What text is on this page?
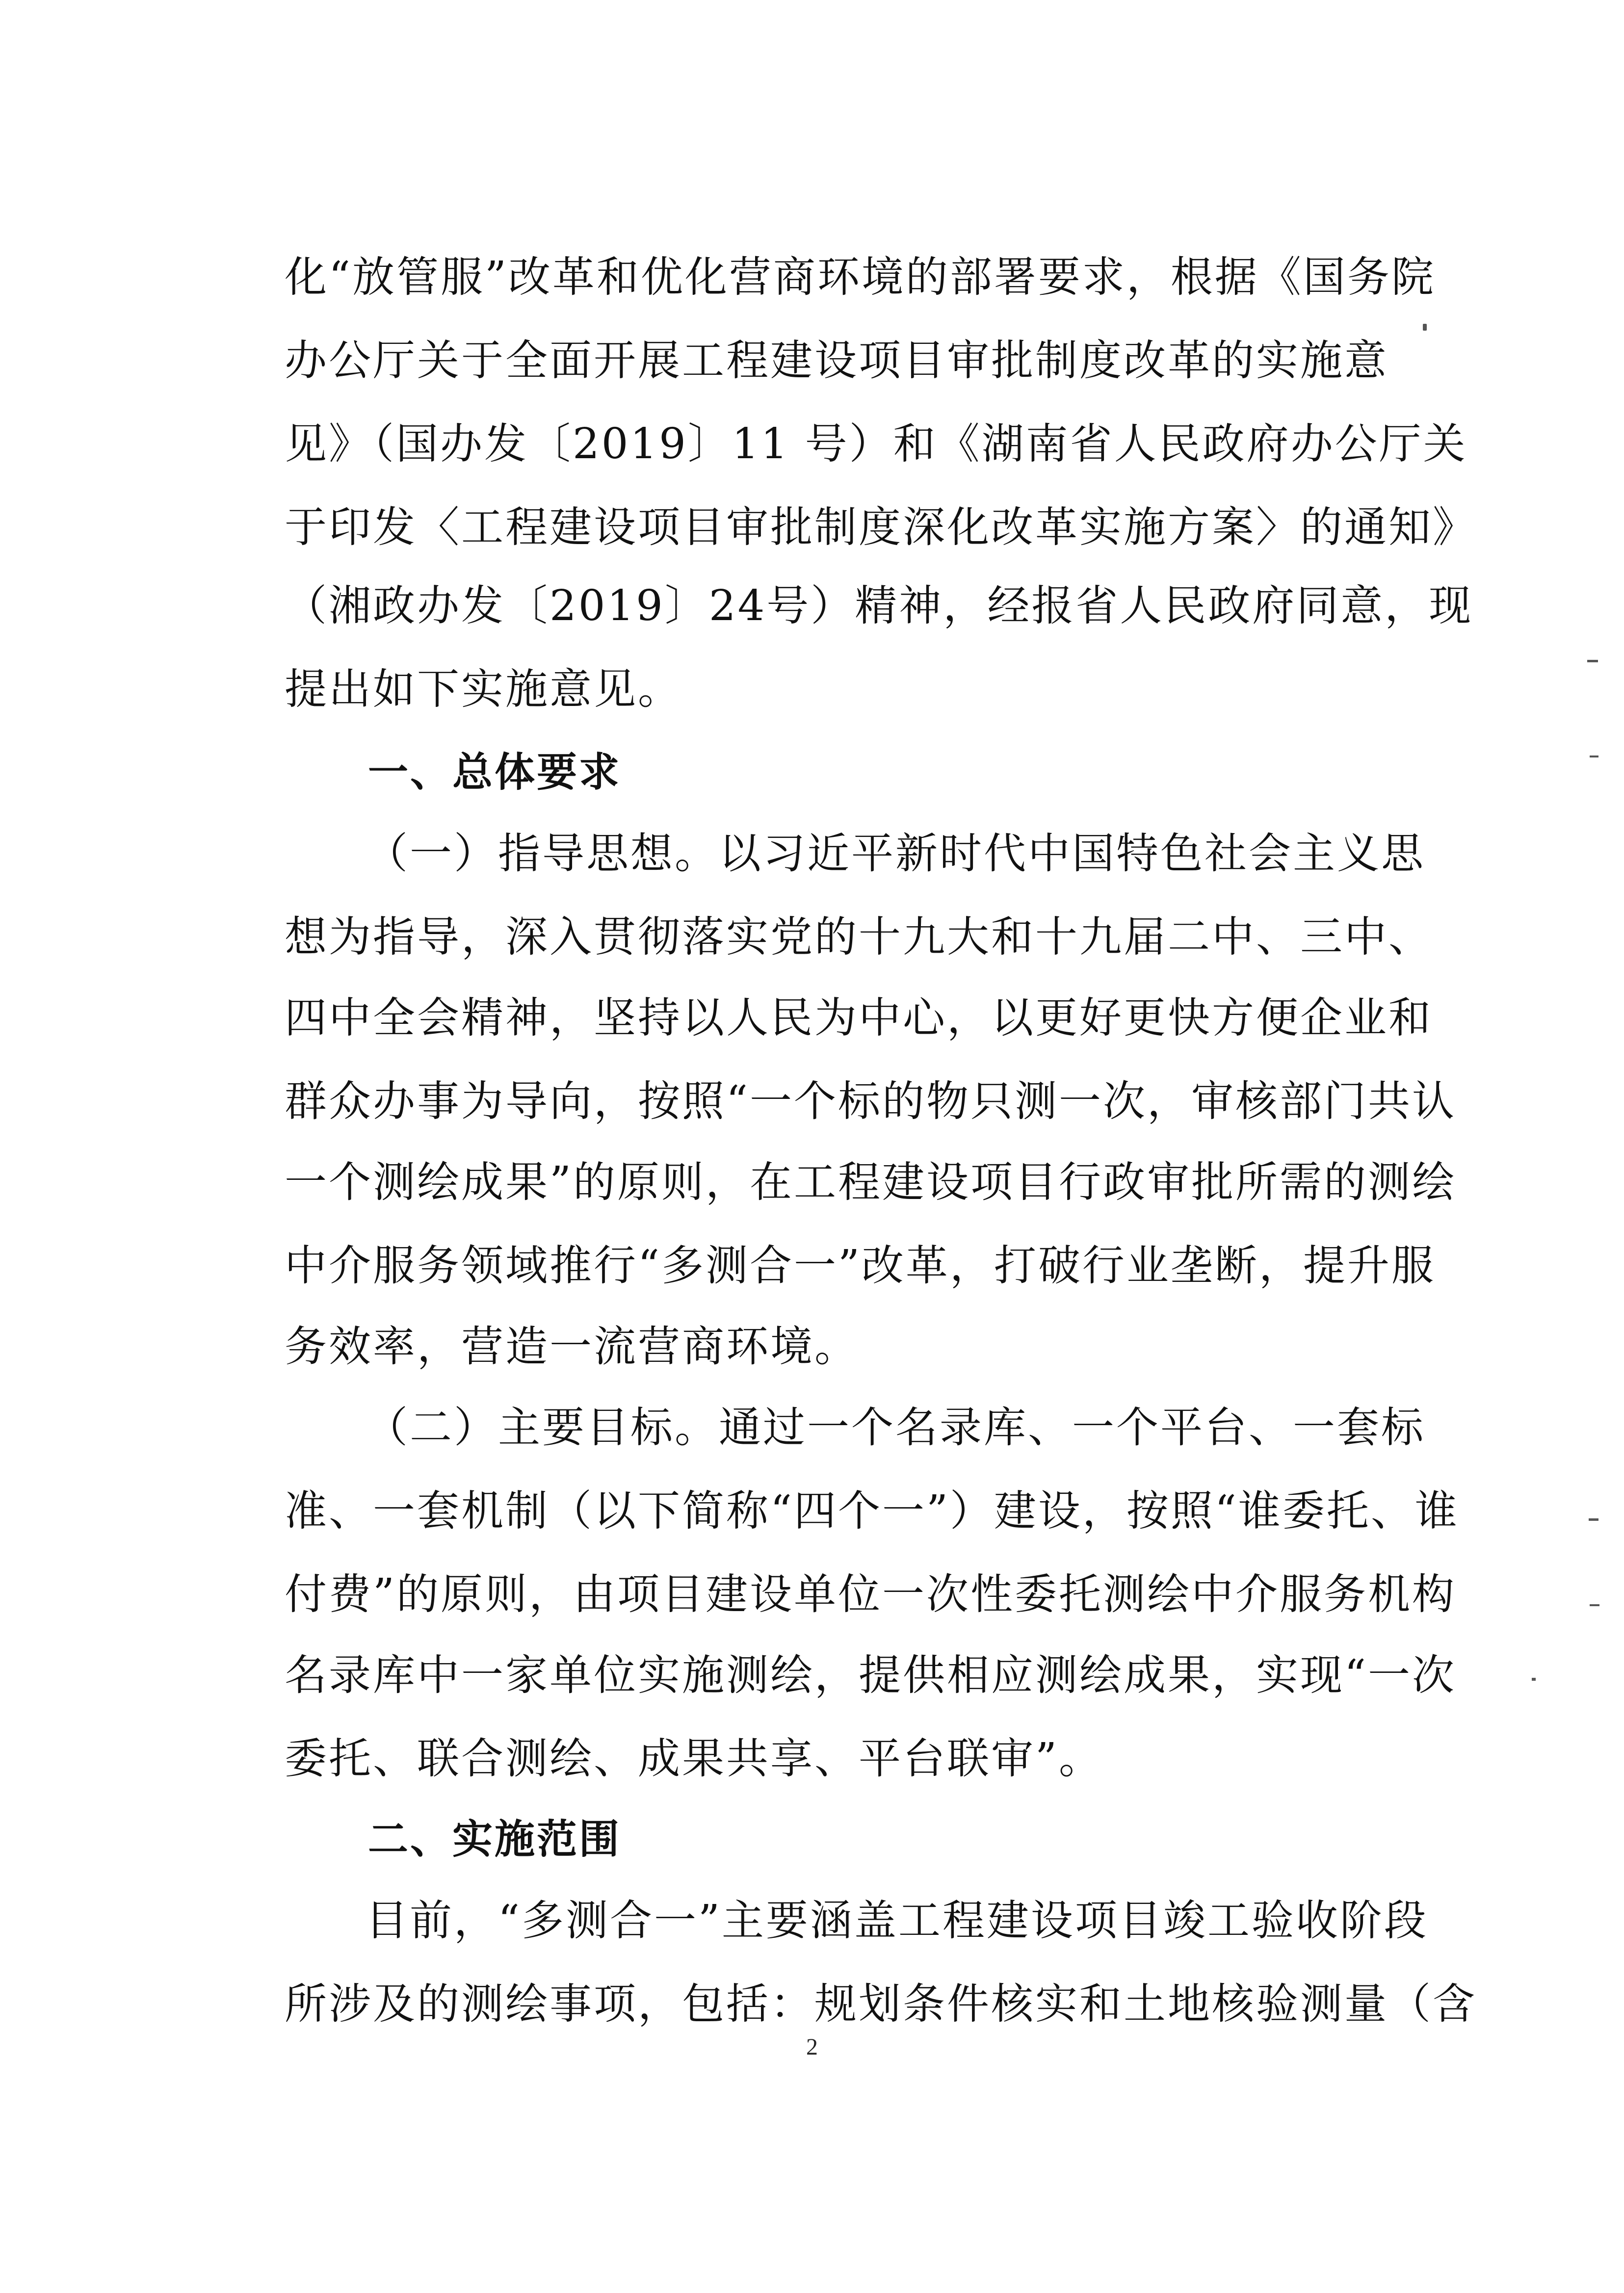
化“放管服”改革和优化营商环境的部署要求，根据《国务院
办公厅关于全面开展工程建设项目审批制度改革的实施意
见》（国办发〔2019〕11 号）和《湖南省人民政府办公厅关
于印发〈工程建设项目审批制度深化改革实施方案〉的通知》
（湘政办发〔2019〕24号）精神，经报省人民政府同意，现
提出如下实施意见。
一、总体要求
（一）指导思想。以习近平新时代中国特色社会主义思
想为指导，深入贯彻落实党的十九大和十九届二中、三中、
四中全会精神，坚持以人民为中心，以更好更快方便企业和
群众办事为导向，按照“一个标的物只测一次，审核部门共认
一个测绘成果”的原则，在工程建设项目行政审批所需的测绘
中介服务领域推行“多测合一”改革，打破行业垄断，提升服
务效率，营造一流营商环境。
（二）主要目标。通过一个名录库、一个平台、一套标
准、一套机制（以下简称“四个一”）建设，按照“谁委托、谁
付费”的原则，由项目建设单位一次性委托测绘中介服务机构
名录库中一家单位实施测绘，提供相应测绘成果，实现“一次
委托、联合测绘、成果共享、平台联审”。
二、实施范围
目前，“多测合一”主要涵盖工程建设项目竣工验收阶段
所涉及的测绘事项，包括：规划条件核实和土地核验测量（含
2
